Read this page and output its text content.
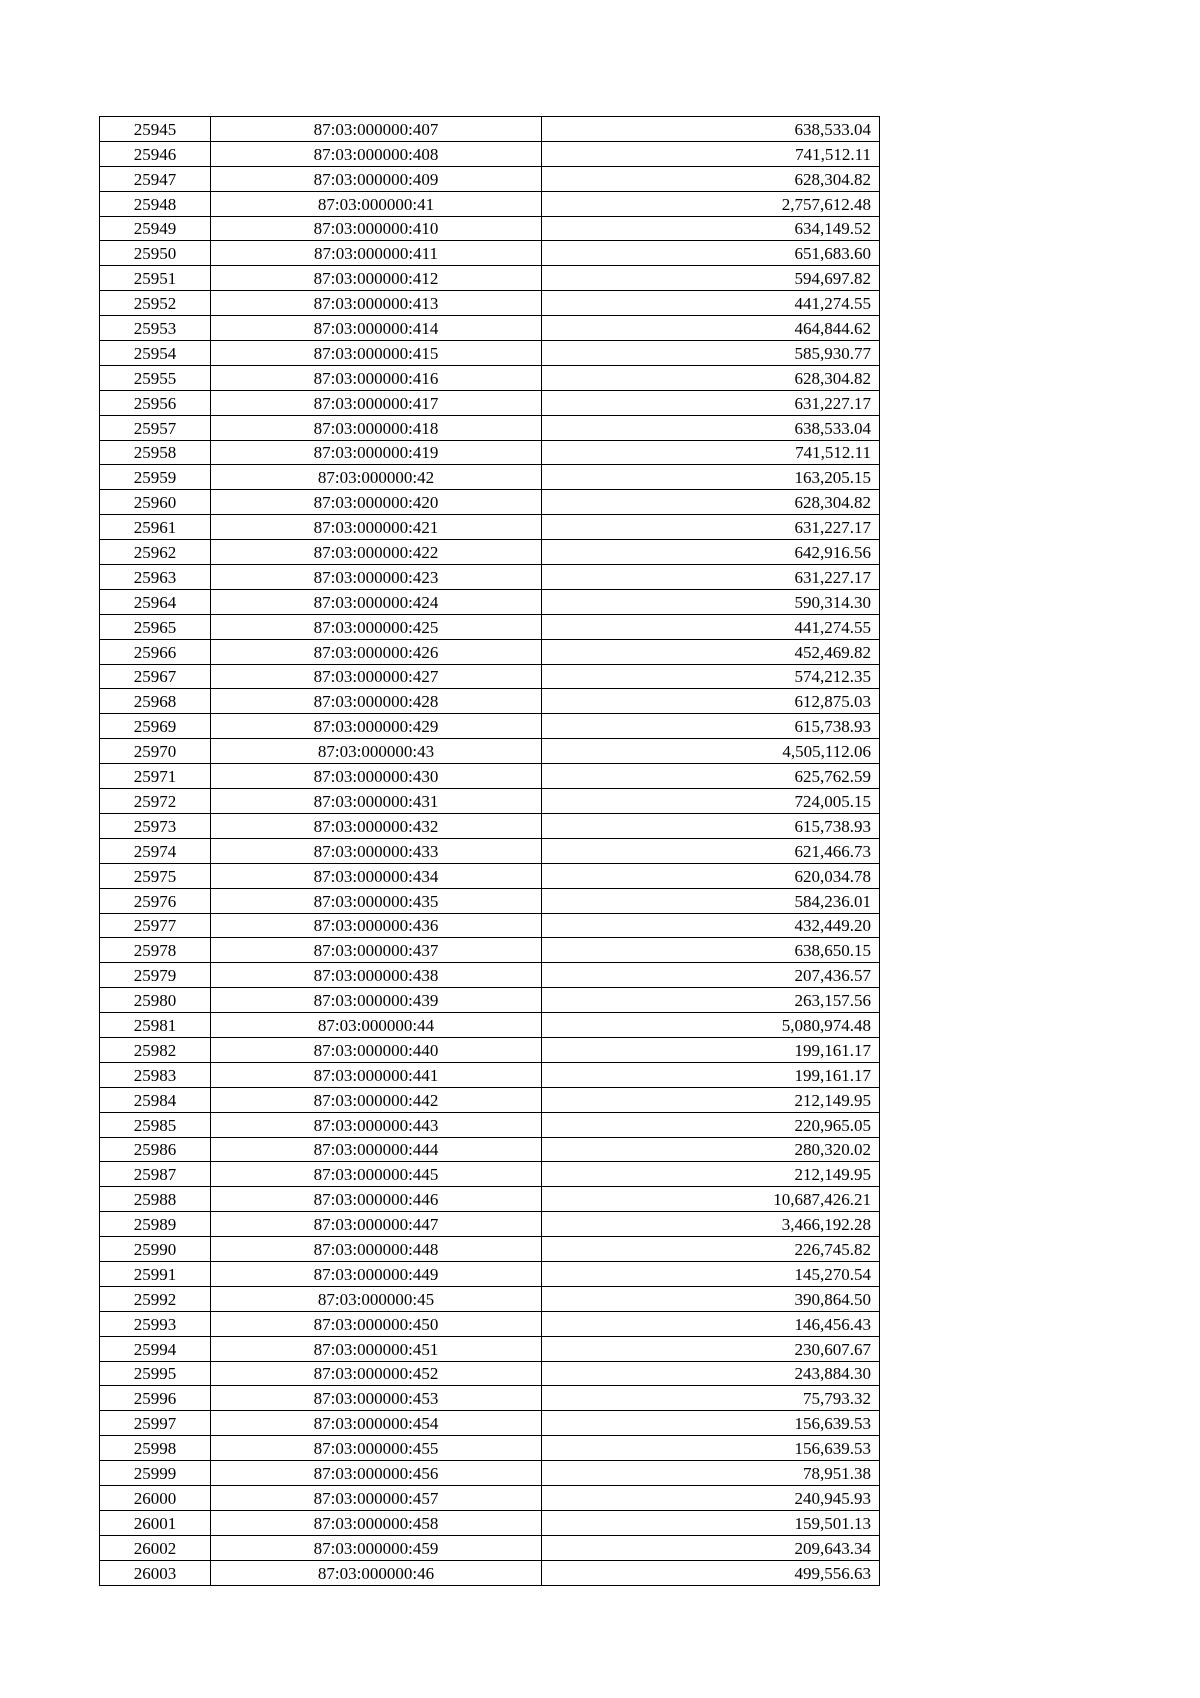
25945	87:03:000000:407	638,533.04
25946	87:03:000000:408	741,512.11
25947	87:03:000000:409	628,304.82
25948	87:03:000000:41	2,757,612.48
25949	87:03:000000:410	634,149.52
25950	87:03:000000:411	651,683.60
25951	87:03:000000:412	594,697.82
25952	87:03:000000:413	441,274.55
25953	87:03:000000:414	464,844.62
25954	87:03:000000:415	585,930.77
25955	87:03:000000:416	628,304.82
25956	87:03:000000:417	631,227.17
25957	87:03:000000:418	638,533.04
25958	87:03:000000:419	741,512.11
25959	87:03:000000:42	163,205.15
25960	87:03:000000:420	628,304.82
25961	87:03:000000:421	631,227.17
25962	87:03:000000:422	642,916.56
25963	87:03:000000:423	631,227.17
25964	87:03:000000:424	590,314.30
25965	87:03:000000:425	441,274.55
25966	87:03:000000:426	452,469.82
25967	87:03:000000:427	574,212.35
25968	87:03:000000:428	612,875.03
25969	87:03:000000:429	615,738.93
25970	87:03:000000:43	4,505,112.06
25971	87:03:000000:430	625,762.59
25972	87:03:000000:431	724,005.15
25973	87:03:000000:432	615,738.93
25974	87:03:000000:433	621,466.73
25975	87:03:000000:434	620,034.78
25976	87:03:000000:435	584,236.01
25977	87:03:000000:436	432,449.20
25978	87:03:000000:437	638,650.15
25979	87:03:000000:438	207,436.57
25980	87:03:000000:439	263,157.56
25981	87:03:000000:44	5,080,974.48
25982	87:03:000000:440	199,161.17
25983	87:03:000000:441	199,161.17
25984	87:03:000000:442	212,149.95
25985	87:03:000000:443	220,965.05
25986	87:03:000000:444	280,320.02
25987	87:03:000000:445	212,149.95
25988	87:03:000000:446	10,687,426.21
25989	87:03:000000:447	3,466,192.28
25990	87:03:000000:448	226,745.82
25991	87:03:000000:449	145,270.54
25992	87:03:000000:45	390,864.50
25993	87:03:000000:450	146,456.43
25994	87:03:000000:451	230,607.67
25995	87:03:000000:452	243,884.30
25996	87:03:000000:453	75,793.32
25997	87:03:000000:454	156,639.53
25998	87:03:000000:455	156,639.53
25999	87:03:000000:456	78,951.38
26000	87:03:000000:457	240,945.93
26001	87:03:000000:458	159,501.13
26002	87:03:000000:459	209,643.34
26003	87:03:000000:46	499,556.63
